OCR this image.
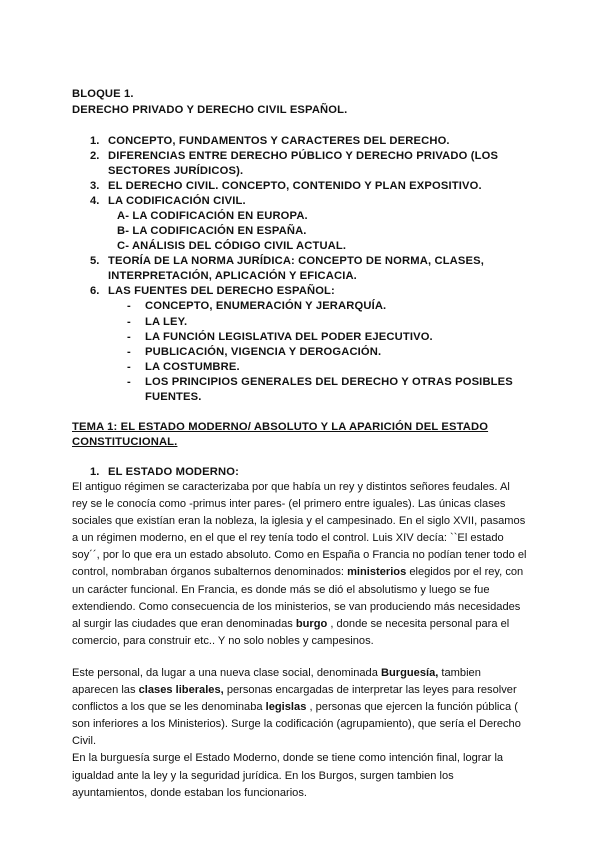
BLOQUE 1.
DERECHO PRIVADO Y DERECHO CIVIL ESPAÑOL.
1. CONCEPTO, FUNDAMENTOS Y CARACTERES DEL DERECHO.
2. DIFERENCIAS ENTRE DERECHO PÚBLICO Y DERECHO PRIVADO (LOS
SECTORES JURÍDICOS).
3. EL DERECHO CIVIL. CONCEPTO, CONTENIDO Y PLAN EXPOSITIVO.
4. LA CODIFICACIÓN CIVIL.
A- LA CODIFICACIÓN EN EUROPA.
B- LA CODIFICACIÓN EN ESPAÑA.
C- ANÁLISIS DEL CÓDIGO CIVIL ACTUAL.
5. TEORÍA DE LA NORMA JURÍDICA: CONCEPTO DE NORMA, CLASES,
INTERPRETACIÓN, APLICACIÓN Y EFICACIA.
6. LAS FUENTES DEL DERECHO ESPAÑOL:
- CONCEPTO, ENUMERACIÓN Y JERARQUÍA.
- LA LEY.
- LA FUNCIÓN LEGISLATIVA DEL PODER EJECUTIVO.
- PUBLICACIÓN, VIGENCIA Y DEROGACIÓN.
- LA COSTUMBRE.
- LOS PRINCIPIOS GENERALES DEL DERECHO Y OTRAS POSIBLES
FUENTES.
TEMA 1: EL ESTADO MODERNO/ ABSOLUTO Y LA APARICIÓN DEL ESTADO
CONSTITUCIONAL.
1. EL ESTADO MODERNO:

El antiguo régimen se caracterizaba por que había un rey y distintos señores feudales. Al

rey se le conocía como -primus inter pares- (el primero entre iguales). Las únicas clases

sociales que existían eran la nobleza, la iglesia y el campesinado. En el siglo XVII, pasamos

a un régimen moderno, en el que el rey tenía todo el control. Luis XIV decía: ``El estado

soy´´, por lo que era un estado absoluto. Como en España o Francia no podían tener todo el

control, nombraban órganos subalternos denominados: ministerios elegidos por el rey, con

un carácter funcional. En Francia, es donde más se dió el absolutismo y luego se fue

extendiendo. Como consecuencia de los ministerios, se van produciendo más necesidades

al surgir las ciudades que eran denominadas burgo , donde se necesita personal para el

comercio, para construir etc.. Y no solo nobles y campesinos.

Este personal, da lugar a una nueva clase social, denominada Burguesía, tambien

aparecen las clases liberales, personas encargadas de interpretar las leyes para resolver

conflictos a los que se les denominaba legislas , personas que ejercen la función pública (

son inferiores a los Ministerios). Surge la codificación (agrupamiento), que sería el Derecho

Civil.

En la burguesía surge el Estado Moderno, donde se tiene como intención final, lograr la

igualdad ante la ley y la seguridad jurídica. En los Burgos, surgen tambien los

ayuntamientos, donde estaban los funcionarios.
